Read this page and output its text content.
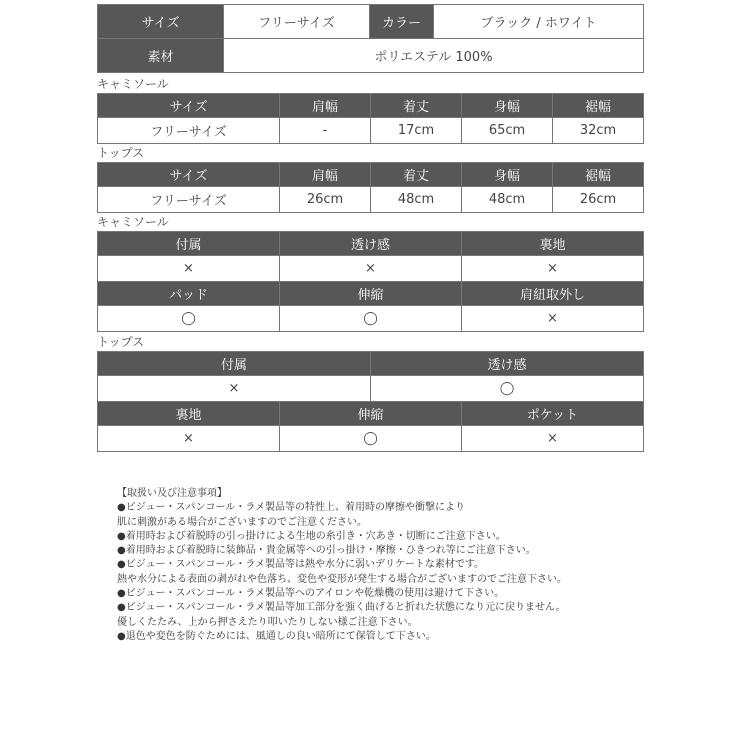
サイズ	フリーサイズ	カラー	ブラック / ホワイト
素材	ポリエステル 100%		
キャミソール
サイズ	肩幅	着丈	身幅	裾幅
フリーサイズ	-	17cm	65cm	32cm
トップス
サイズ	肩幅	着丈	身幅	裾幅
フリーサイズ	26cm	48cm	48cm	26cm
キャミソール
付属	透け感	裏地
×	×	×
パッド	伸縮	肩紐取外し
◯	◯	×
トップス
付属	透け感
×	◯
裏地	伸縮	ポケット
×	◯	×
【取扱い及び注意事項】
●ビジュー・スパンコール・ラメ製品等の特性上、着用時の摩擦や衝撃により
肌に刺激がある場合がございますのでご注意ください。
●着用時および着脱時の引っ掛けによる生地の糸引き・穴あき・切断にご注意下さい。
●着用時および着脱時に装飾品・貴金属等への引っ掛け・摩擦・ひきつれ等にご注意下さい。
●ビジュー・スパンコール・ラメ製品等は熱や水分に弱いデリケートな素材です。
熱や水分による表面の剥がれや色落ち、変色や変形が発生する場合がございますのでご注意下さい。
●ビジュー・スパンコール・ラメ製品等へのアイロンや乾燥機の使用は避けて下さい。
●ビジュー・スパンコール・ラメ製品等加工部分を強く曲げると折れた状態になり元に戻りません。
優しくたたみ、上から押さえたり叩いたりしない様ご注意下さい。
●退色や変色を防ぐためには、風通しの良い暗所にて保管して下さい。
